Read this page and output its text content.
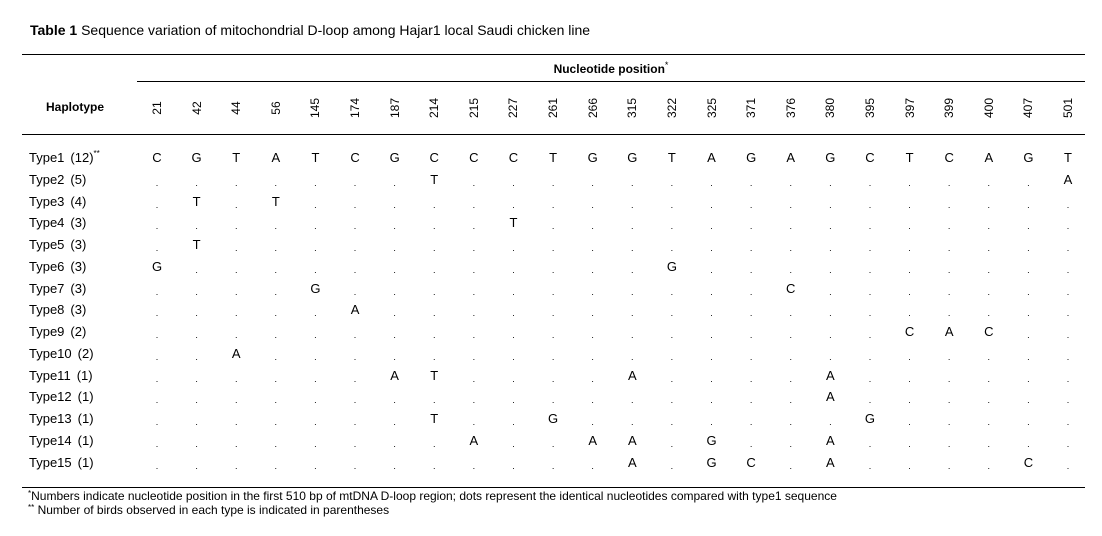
Table 1 Sequence variation of mitochondrial D-loop among Hajar1 local Saudi chicken line
Nucleotide position*
Haplotype	21 42 44 56 145 174 187 214 215 227 261 266 315 322 325 371 376 380 395 397 399 400 407 501
Type1 (12)**	C	G	T	A	T	C	G	C	C	C	T	G	G	T	A	G	A	G	C	T	C	A	G	T
Type2 (5)	.	.	.	.	.	.	.	T	.	.	.	.	.	.	.	.	.	.	.	.	.	.	.	A
Type3 (4)	.	T	.	T	.	.	.	.	.	.	.	.	.	.	.	.	.	.	.	.	.	.	.	.
Type4 (3)	.	.	.	.	.	.	.	.	.	T	.	.	.	.	.	.	.	.	.	.	.	.	.	.
Type5 (3)	.	T	.	.	.	.	.	.	.	.	.	.	.	.	.	.	.	.	.	.	.	.	.	.
Type6 (3)	G	.	.	.	.	.	.	.	.	.	.	.	.	G	.	.	.	.	.	.	.	.	.	.
Type7 (3)	.	.	.	.	G	.	.	.	.	.	.	.	.	.	.	.	C	.	.	.	.	.	.	.
Type8 (3)	.	.	.	.	.	A	.	.	.	.	.	.	.	.	.	.	.	.	.	.	.	.	.	.
Type9 (2)	.	.	.	.	.	.	.	.	.	.	.	.	.	.	.	.	.	.	.	C	A	C	.	.
Type10 (2)	.	.	A	.	.	.	.	.	.	.	.	.	.	.	.	.	.	.	.	.	.	.	.	.
Type11 (1)	.	.	.	.	.	.	A	T	.	.	.	.	A	.	.	.	.	A	.	.	.	.	.	.
Type12 (1)	.	.	.	.	.	.	.	.	.	.	.	.	.	.	.	.	.	A	.	.	.	.	.	.
Type13 (1)	.	.	.	.	.	.	.	T	.	.	G	.	.	.	.	.	.	.	G	.	.	.	.	.
Type14 (1)	.	.	.	.	.	.	.	.	A	.	.	A	A	.	G	.	.	A	.	.	.	.	.	.
Type15 (1)	.	.	.	.	.	.	.	.	.	.	.	.	A	.	G	C	.	A	.	.	.	.	C	.
*Numbers indicate nucleotide position in the first 510 bp of mtDNA D-loop region; dots represent the identical nucleotides compared with type1 sequence
** Number of birds observed in each type is indicated in parentheses
